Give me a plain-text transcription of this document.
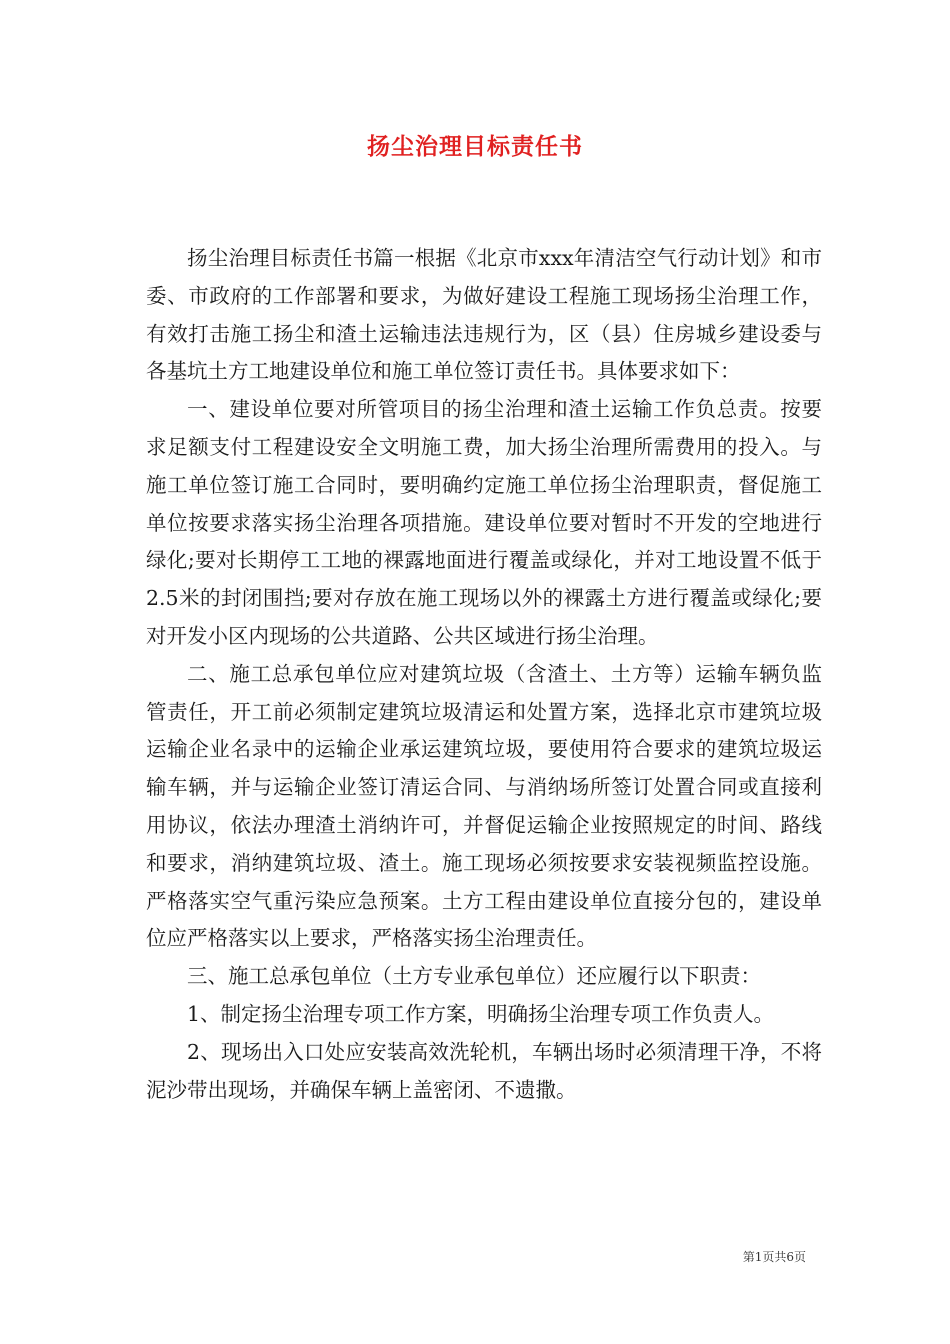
扬尘治理目标责任书

扬尘治理目标责任书篇一根据《北京市xxx年清洁空气行动计划》和市委、市政府的工作部署和要求，为做好建设工程施工现场扬尘治理工作，有效打击施工扬尘和渣土运输违法违规行为，区（县）住房城乡建设委与各基坑土方工地建设单位和施工单位签订责任书。具体要求如下：

一、建设单位要对所管项目的扬尘治理和渣土运输工作负总责。按要求足额支付工程建设安全文明施工费，加大扬尘治理所需费用的投入。与施工单位签订施工合同时，要明确约定施工单位扬尘治理职责，督促施工单位按要求落实扬尘治理各项措施。建设单位要对暂时不开发的空地进行绿化;要对长期停工工地的裸露地面进行覆盖或绿化，并对工地设置不低于2.5米的封闭围挡;要对存放在施工现场以外的裸露土方进行覆盖或绿化;要对开发小区内现场的公共道路、公共区域进行扬尘治理。

二、施工总承包单位应对建筑垃圾（含渣土、土方等）运输车辆负监管责任，开工前必须制定建筑垃圾清运和处置方案，选择北京市建筑垃圾运输企业名录中的运输企业承运建筑垃圾，要使用符合要求的建筑垃圾运输车辆，并与运输企业签订清运合同、与消纳场所签订处置合同或直接利用协议，依法办理渣土消纳许可，并督促运输企业按照规定的时间、路线和要求，消纳建筑垃圾、渣土。施工现场必须按要求安装视频监控设施。严格落实空气重污染应急预案。土方工程由建设单位直接分包的，建设单位应严格落实以上要求，严格落实扬尘治理责任。

三、施工总承包单位（土方专业承包单位）还应履行以下职责：

1、制定扬尘治理专项工作方案，明确扬尘治理专项工作负责人。

2、现场出入口处应安装高效洗轮机，车辆出场时必须清理干净，不将泥沙带出现场，并确保车辆上盖密闭、不遗撒。

第1页共6页
